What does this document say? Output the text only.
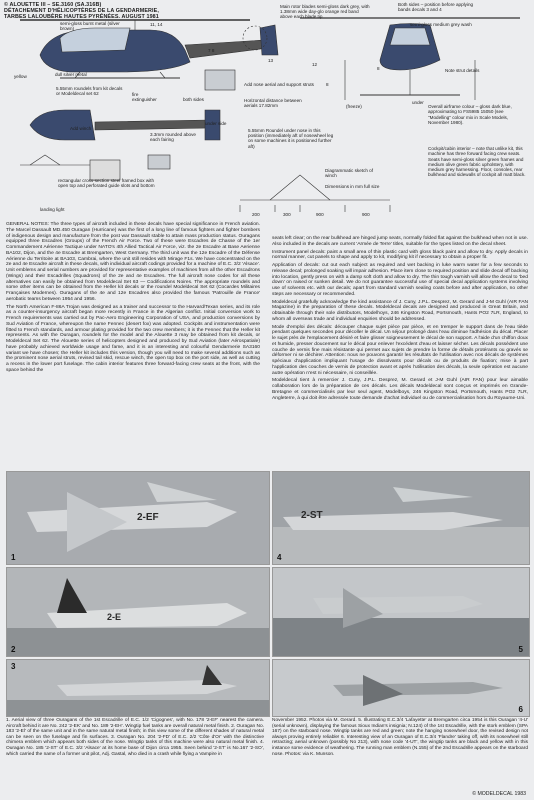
© ALOUETTE III – SE.3160 (SA.316B)
DÉTACHEMENT D'HÉLICOPTÈRES DE LA GENDARMERIE,
TARBES LALOUBÈRE HAUTES PYRÉNÉES. AUGUST 1981
Main rotor blades semi-gloss dark grey, with 1.38mm wide day-glo orange red band above each blade tip
Both sides – position before applying bands decals 3 and 4
semi-gloss medium grey wash
semi-gloss burnt metal (silver brown)
11, 14
yellow	dull silver metal
5.55mm roundels from kit decals or Modeldecal set 62	fire extinguisher	both sides
Add nose aerial and support struts
Horizontal distance between aerials 17.82mm
Note strut details
5.55mm Roundel under nose in this position (immediately aft of nosewheel leg on some machines it is positioned further aft)
7 8
13
12
8
8
(freeze)
under
under side
Overall airframe colour – gloss dark blue, approximating to FS5985 15050 (see "Modelling" colour mix in Scale Models, November 1980).
Cockpit/cabin interior – note that unlike kit, this machine has three forward facing crew seats. Seats have semi-gloss silver green frames and medium olive green fabric upholstery, with medium grey harnessing. Floor, consoles, rear bulkhead and sidewalls of cockpit all matt black.
Add winch
3.3mm rounded above each fairing
rectangular cross-section steel framed box with open top and perforated guide slots and bottom
landing light
Diagrammatic sketch of winch
Dimensions in mm full size
200	300	900	900

GENERAL NOTES: The three types of aircraft included in these decals have special significance in French aviation. The Marcel Dassault MD.450 Ouragan (Hurricane) was the first of a long line of famous fighters and fighter bombers of indigenous design and manufacture from the post war Dassault stable to attain mass production status. Ouragans equipped three Escadres (Groups) of the French Air Force. Two of these were Escadres de Chasse of the 1er Commandement Aérienne Tactique under NATO's 4th Allied Tactical Air Force, viz. the 2e Escadre at Base Aerienne BA102, Dijon, and the 4e Escadre at Bremgarten, West Germany. The third unit was the 12e Escadre of the Défense Aérienne du Territoire at BA103, Cambrai, where the unit still resides with Mirage F1s. We have concentrated on the 2e and 4e Escadre aircraft in these decals, with individual aircraft codings provided for a machine of E.C. 3/2 'Alsace'. Unit emblems and serial numbers are provided for representative examples of machines from all the other Escadrons (Wings) and their Escadrilles (Squadrons) of the 2e and 4e Escadres. The full aircraft nose codes for all these alternatives can easily be obtained from Modeldecal Set 63 — Codifications Noires. The appropriate roundels and some other items can be obtained from the Heller kit decals or the roundel Modeldecal Set 62 (Cocardes Militaires Françaises Modernes). Ouragans of the 4e and 12e Escadres also provided the famous 'Patrouille de France' aerobatic teams between 1954 and 1956.

The North American F-86A Trojan was designed as a trainer and successor to the Harvard/Texan series, and its role as a counter-insurgency aircraft began more recently in France in the Algerian conflict. Initial conversion work to French requirements was carried out by Pac-Aero Engineering Corporation of USA, and production conversions by Sud Aviation of France, whereupon the name Fennec (desert fox) was adopted. Cockpits and instrumentation were fitted to French standards, and armour plating provided for the two crew members; it is the Fennec that the Heller kit represents. As with the Ouragan, roundels for the model and the Alouette 3 may be obtained from kit decals, or Modeldecal Set 62. The Alouette series of helicopters designed and produced by Sud Aviation (later Aérospatiale) have probably achieved worldwide usage and fame, and it is an interesting and colourful Gendarmerie SA3160 variant we have chosen; the Heller kit includes this version, though you will need to make several additions such as the prominent nose aerial struts, revised tail skid, rescue winch, the open top box on the port side, as well as cutting a recess in the lower port fuselage. The cabin interior features three forward-facing crew seats at the front, with the space behind the

seats left clear; on the rear bulkhead are hinged jump seats, normally folded flat against the bulkhead when not in use. Also included in the decals are current 'Armée de Terre' titles, suitable for the types listed on the decal sheet.

Instrument panel decals: paint a small area of thin plastic card with gloss black paint and allow to dry. Apply decals in normal manner, cut panels to shape and apply to kit, modifying kit if necessary to obtain a proper fit.

Application of decals: cut out each subject as required and wet backing in luke warm water for a few seconds to release decal; prolonged soaking will impair adhesion. Place item close to required position and slide decal off backing into location, gently press on with a damp soft cloth and allow to dry. The thin tough varnish will allow the decal to 'bed down' on raised or sunken detail. We do not guarantee successful use of special decal application systems involving use of solvents etc. with our decals; apart from standard varnish sealing coats before and after application, no other steps are necessary or recommended.

Modeldecal gratefully acknowledge the kind assistance of J. Cuny, J.P.L. Desprez, M. Gerard and J-M Guhl (AIR FAN Magazine) in the preparation of these decals. Modeldecal decals are designed and produced in Great Britain, and obtainable through their sole distributors, Modelhoys, 246 Kingston Road, Portsmouth, Hants PO2 7LR, England, to whom all overseas trade and individual enquiries should be addressed.

Mode d'emploi des décals: découper chaque sujet pièce par pièce, et en tremper le support dans de l'eau tiède pendant quelques secondes pour décoller le décal. Un séjour prolongé dans l'eau diminue l'adhésion du décal. Placer le sujet près de l'emplacement désiré et faire glisser soigneusement le décal de son support. A l'aide d'un chiffon doux et humide, presser doucement sur le décal pour enlever l'excédent d'eau et laisser sécher. Les décals possèdent une couche de vernis fine mais résistante qui permet aux sujets de prendre la forme de détails protérants ou gravés se déformer ni se déchirer. Attention: nous ne pouvons garantir les résultats de l'utilisation avec nos décals de systèmes spéciaux d'application impliquant l'usage de dissolvants pour décals ou de produits de fixation; mise à part l'application des couches de vernis de protection avant et après l'utilisation des décals, la seule opération est aucune autre opération n'est ni nécessaire, ni conseillée.

Modeldecal tient à remercier J. Cuny, J.P.L. Desprez, M. Gerard et J-M Guhl (AIR FAN) pour leur aimable collaboration lors de la préparation de ces décals. Les décals Modeldecal sont conçus et imprimés en Grande-Bretagne et commercialisés par leur seul agent, Modelboys, 246 Kingston Road, Portsmouth, Hants PO2 7LR, Angleterre, à qui doit être adressée toute demande d'achat individuel ou de commercialisation hors du Royaume-Uni.

1
2-EF
4
2-ST
2
2-E
5
3
6
1. Aerial view of three Ouragans of the 1st Escadrille of E.C. 1/2 'Cigognes', with No. 178 '2-EF' nearest the camera. Aircraft behind it are No. 242 '2-EK' and No. 189 '2-EH'. Wingtip fuel tanks are overall natural metal finish. 2. Ouragan No. 183 '2-El' of the same unit and in the same natural metal finish; in this view some of the different shades of natural metal can be seen on the fuselage and fin surfaces. 3. Ouragan No. 204 '2-FD' of E.C. 2/2 'Côte d'Or' with the distinctive chimera emblem which appears both sides of the nose. Wingtip tanks of this machine were also natural metal finish. 4. Ouragan No. 185 '2-ST' of E.C. 3/2 'Alsace' at its home base of Dijon circa 1955. Seen behind '2-ST' is No.167 '2-SO', which carried the name of a former unit pilot, Adj. Gastal, who died in a crash while flying a Vampire in
November 1952. Photos via M. Gerard. 5. Illustrating E.C.3/4 'Lafayette' at Bremgarten circa 1954 is this Ouragan '4-U' (serial unknown), displaying the famous Sioux Indian's insignia; N.124) of the 1st Escadrille, with the stork emblem (SPA 167) on the starboard nose. Wingtip tanks are red and green; note the hanging nosewheel door, the revised design not always proving entirely reliable! 6. Interesting view of an Ouragan of E.C.3/4 'Flandre' taking off, with its nosewheel still retracting; aerial unknown (possibly No 213), with nose code '4-UT', the wingtip tanks are black and yellow with in this instance some evidence of weathering. The running man emblem (N.155) of the 2nd Escadrille appears on the starboard nose. Photos: via K. Munson.
© MODELDECAL 1983
